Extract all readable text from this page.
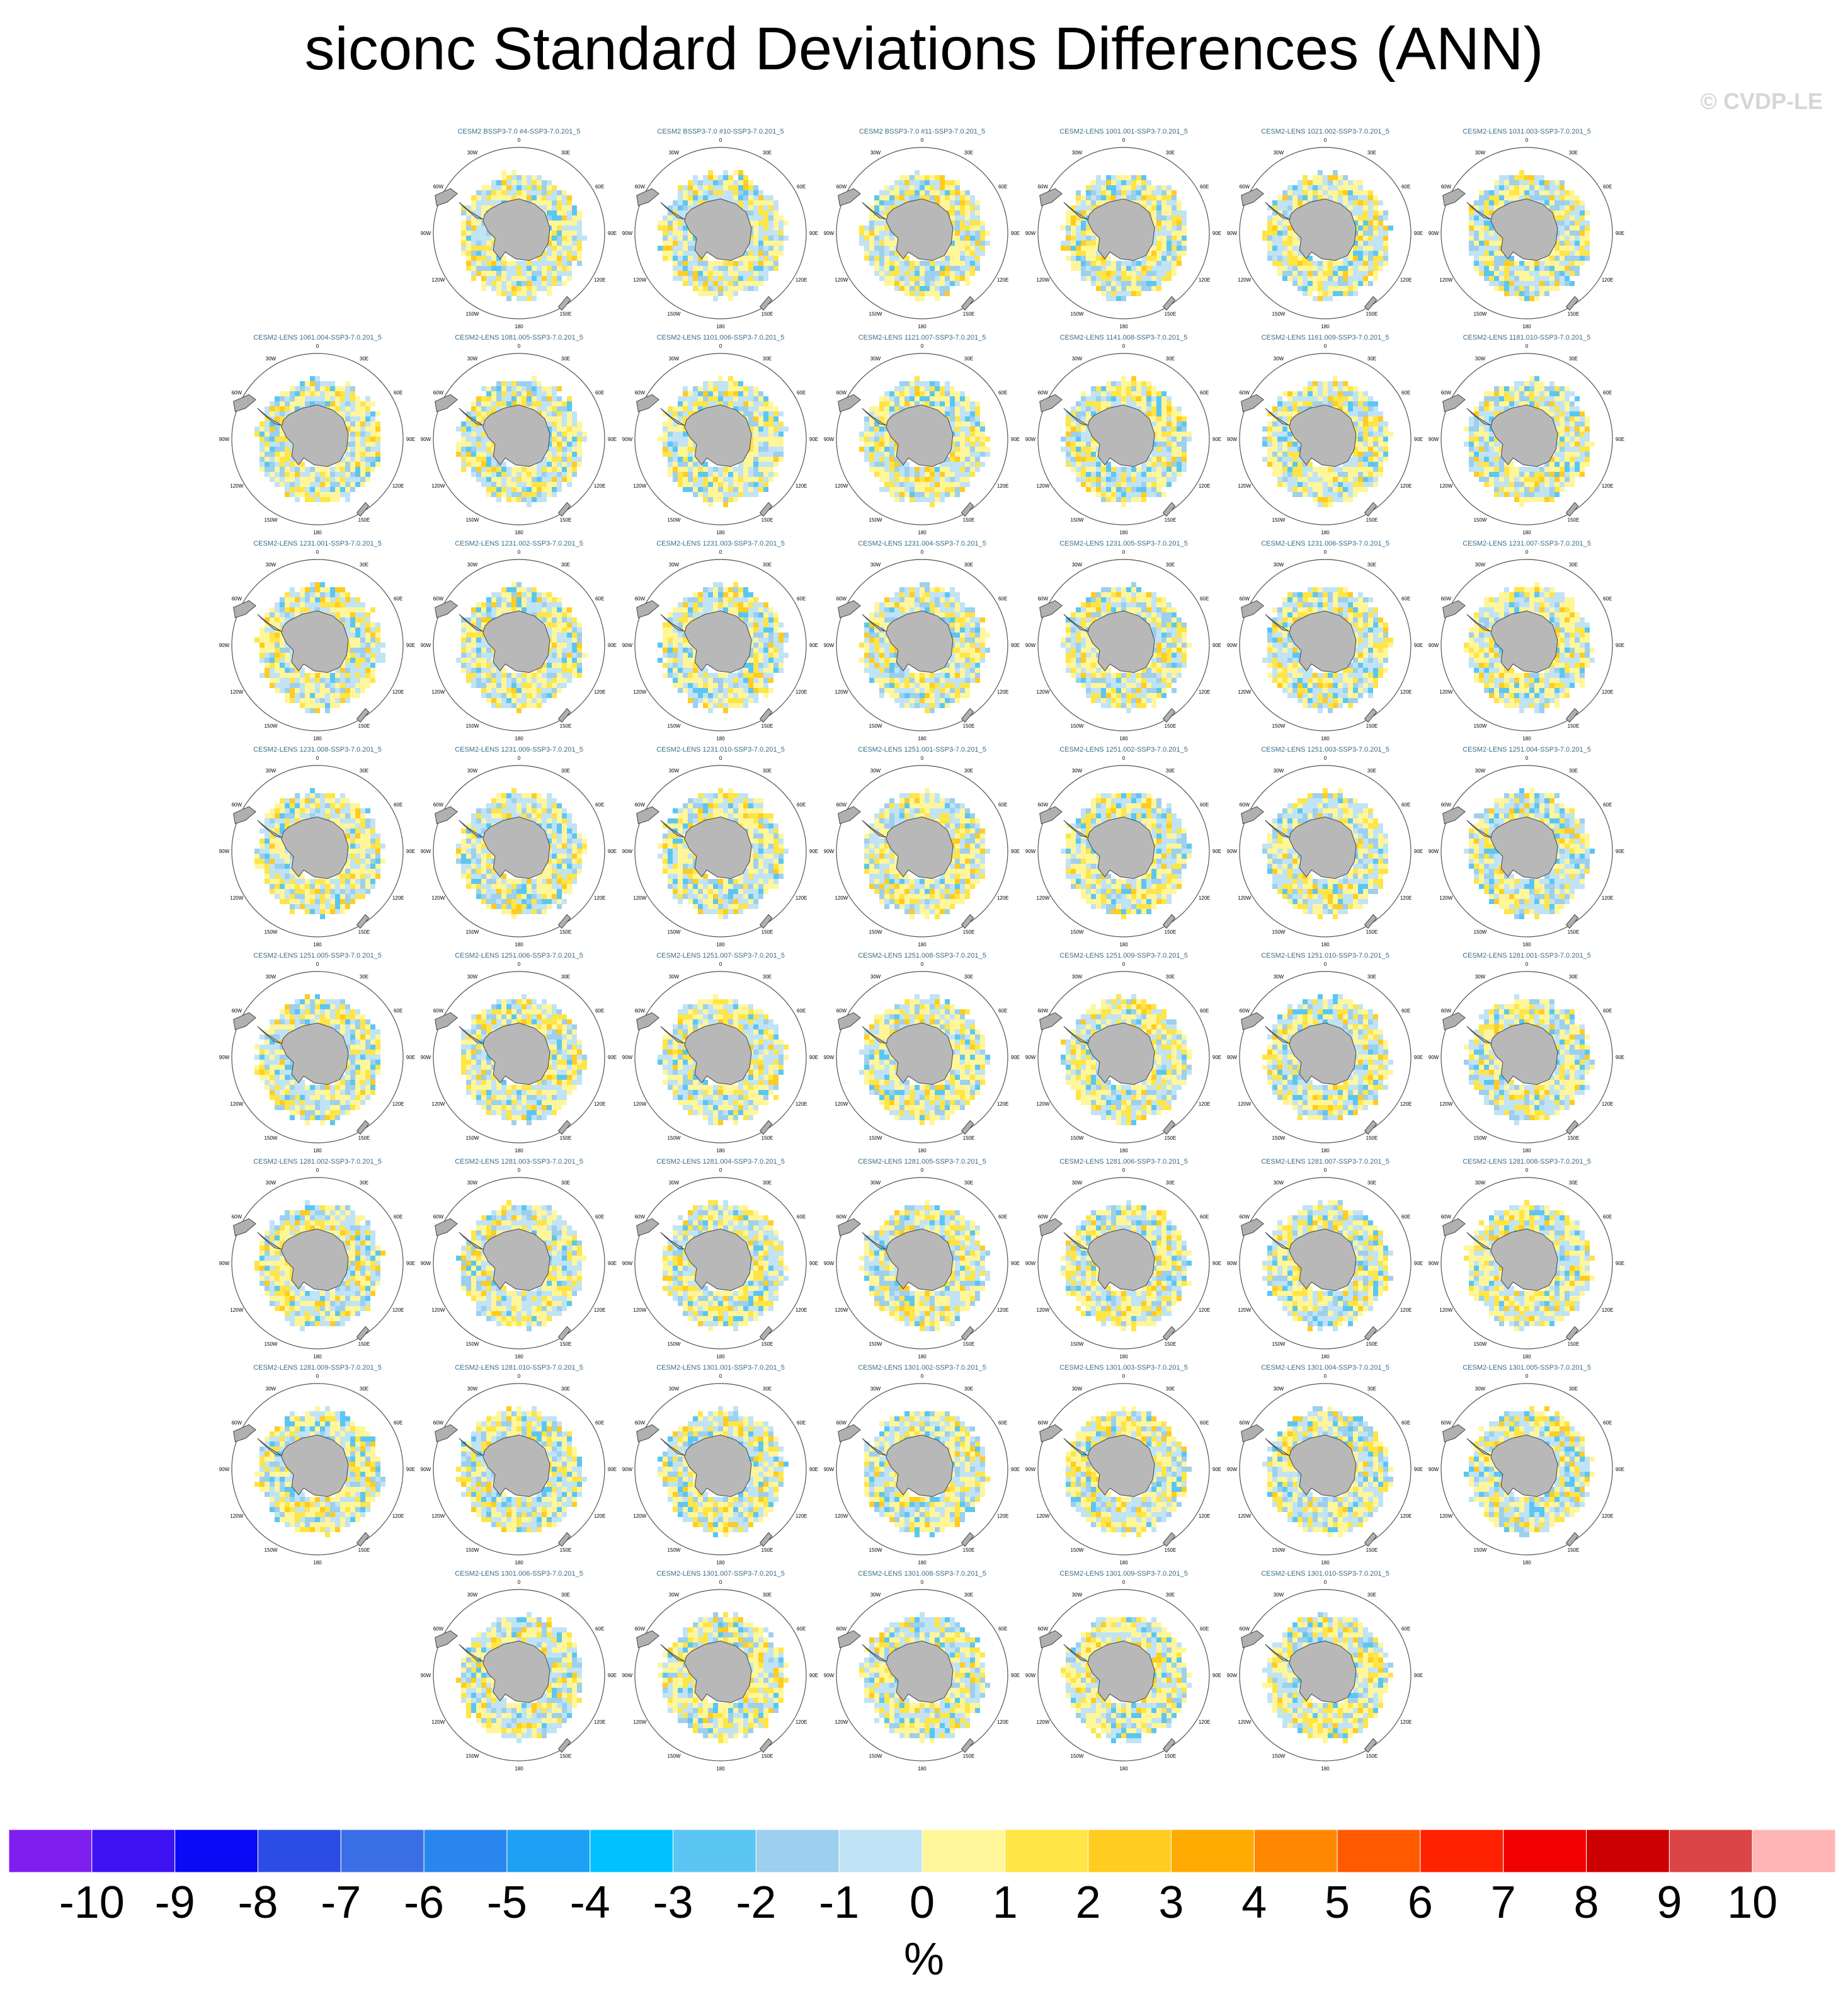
siconc Standard Deviations Differences (ANN)
© CVDP-LE
CESM2 BSSP3-7.0 #4-SSP3-7.0.201_5
0
30E
60E
90E
120E
150E
180
150W
120W
90W
60W
30W
CESM2 BSSP3-7.0 #10-SSP3-7.0.201_5
0
30E
60E
90E
120E
150E
180
150W
120W
90W
60W
30W
CESM2 BSSP3-7.0 #11-SSP3-7.0.201_5
0
30E
60E
90E
120E
150E
180
150W
120W
90W
60W
30W
CESM2-LENS 1001.001-SSP3-7.0.201_5
0
30E
60E
90E
120E
150E
180
150W
120W
90W
60W
30W
CESM2-LENS 1021.002-SSP3-7.0.201_5
0
30E
60E
90E
120E
150E
180
150W
120W
90W
60W
30W
CESM2-LENS 1031.003-SSP3-7.0.201_5
0
30E
60E
90E
120E
150E
180
150W
120W
90W
60W
30W
CESM2-LENS 1061.004-SSP3-7.0.201_5
0
30E
60E
90E
120E
150E
180
150W
120W
90W
60W
30W
CESM2-LENS 1081.005-SSP3-7.0.201_5
0
30E
60E
90E
120E
150E
180
150W
120W
90W
60W
30W
CESM2-LENS 1101.006-SSP3-7.0.201_5
0
30E
60E
90E
120E
150E
180
150W
120W
90W
60W
30W
CESM2-LENS 1121.007-SSP3-7.0.201_5
0
30E
60E
90E
120E
150E
180
150W
120W
90W
60W
30W
CESM2-LENS 1141.008-SSP3-7.0.201_5
0
30E
60E
90E
120E
150E
180
150W
120W
90W
60W
30W
CESM2-LENS 1161.009-SSP3-7.0.201_5
0
30E
60E
90E
120E
150E
180
150W
120W
90W
60W
30W
CESM2-LENS 1181.010-SSP3-7.0.201_5
0
30E
60E
90E
120E
150E
180
150W
120W
90W
60W
30W
CESM2-LENS 1231.001-SSP3-7.0.201_5
0
30E
60E
90E
120E
150E
180
150W
120W
90W
60W
30W
CESM2-LENS 1231.002-SSP3-7.0.201_5
0
30E
60E
90E
120E
150E
180
150W
120W
90W
60W
30W
CESM2-LENS 1231.003-SSP3-7.0.201_5
0
30E
60E
90E
120E
150E
180
150W
120W
90W
60W
30W
CESM2-LENS 1231.004-SSP3-7.0.201_5
0
30E
60E
90E
120E
150E
180
150W
120W
90W
60W
30W
CESM2-LENS 1231.005-SSP3-7.0.201_5
0
30E
60E
90E
120E
150E
180
150W
120W
90W
60W
30W
CESM2-LENS 1231.006-SSP3-7.0.201_5
0
30E
60E
90E
120E
150E
180
150W
120W
90W
60W
30W
CESM2-LENS 1231.007-SSP3-7.0.201_5
0
30E
60E
90E
120E
150E
180
150W
120W
90W
60W
30W
CESM2-LENS 1231.008-SSP3-7.0.201_5
0
30E
60E
90E
120E
150E
180
150W
120W
90W
60W
30W
CESM2-LENS 1231.009-SSP3-7.0.201_5
0
30E
60E
90E
120E
150E
180
150W
120W
90W
60W
30W
CESM2-LENS 1231.010-SSP3-7.0.201_5
0
30E
60E
90E
120E
150E
180
150W
120W
90W
60W
30W
CESM2-LENS 1251.001-SSP3-7.0.201_5
0
30E
60E
90E
120E
150E
180
150W
120W
90W
60W
30W
CESM2-LENS 1251.002-SSP3-7.0.201_5
0
30E
60E
90E
120E
150E
180
150W
120W
90W
60W
30W
CESM2-LENS 1251.003-SSP3-7.0.201_5
0
30E
60E
90E
120E
150E
180
150W
120W
90W
60W
30W
CESM2-LENS 1251.004-SSP3-7.0.201_5
0
30E
60E
90E
120E
150E
180
150W
120W
90W
60W
30W
CESM2-LENS 1251.005-SSP3-7.0.201_5
0
30E
60E
90E
120E
150E
180
150W
120W
90W
60W
30W
CESM2-LENS 1251.006-SSP3-7.0.201_5
0
30E
60E
90E
120E
150E
180
150W
120W
90W
60W
30W
CESM2-LENS 1251.007-SSP3-7.0.201_5
0
30E
60E
90E
120E
150E
180
150W
120W
90W
60W
30W
CESM2-LENS 1251.008-SSP3-7.0.201_5
0
30E
60E
90E
120E
150E
180
150W
120W
90W
60W
30W
CESM2-LENS 1251.009-SSP3-7.0.201_5
0
30E
60E
90E
120E
150E
180
150W
120W
90W
60W
30W
CESM2-LENS 1251.010-SSP3-7.0.201_5
0
30E
60E
90E
120E
150E
180
150W
120W
90W
60W
30W
CESM2-LENS 1281.001-SSP3-7.0.201_5
0
30E
60E
90E
120E
150E
180
150W
120W
90W
60W
30W
CESM2-LENS 1281.002-SSP3-7.0.201_5
0
30E
60E
90E
120E
150E
180
150W
120W
90W
60W
30W
CESM2-LENS 1281.003-SSP3-7.0.201_5
0
30E
60E
90E
120E
150E
180
150W
120W
90W
60W
30W
CESM2-LENS 1281.004-SSP3-7.0.201_5
0
30E
60E
90E
120E
150E
180
150W
120W
90W
60W
30W
CESM2-LENS 1281.005-SSP3-7.0.201_5
0
30E
60E
90E
120E
150E
180
150W
120W
90W
60W
30W
CESM2-LENS 1281.006-SSP3-7.0.201_5
0
30E
60E
90E
120E
150E
180
150W
120W
90W
60W
30W
CESM2-LENS 1281.007-SSP3-7.0.201_5
0
30E
60E
90E
120E
150E
180
150W
120W
90W
60W
30W
CESM2-LENS 1281.008-SSP3-7.0.201_5
0
30E
60E
90E
120E
150E
180
150W
120W
90W
60W
30W
CESM2-LENS 1281.009-SSP3-7.0.201_5
0
30E
60E
90E
120E
150E
180
150W
120W
90W
60W
30W
CESM2-LENS 1281.010-SSP3-7.0.201_5
0
30E
60E
90E
120E
150E
180
150W
120W
90W
60W
30W
CESM2-LENS 1301.001-SSP3-7.0.201_5
0
30E
60E
90E
120E
150E
180
150W
120W
90W
60W
30W
CESM2-LENS 1301.002-SSP3-7.0.201_5
0
30E
60E
90E
120E
150E
180
150W
120W
90W
60W
30W
CESM2-LENS 1301.003-SSP3-7.0.201_5
0
30E
60E
90E
120E
150E
180
150W
120W
90W
60W
30W
CESM2-LENS 1301.004-SSP3-7.0.201_5
0
30E
60E
90E
120E
150E
180
150W
120W
90W
60W
30W
CESM2-LENS 1301.005-SSP3-7.0.201_5
0
30E
60E
90E
120E
150E
180
150W
120W
90W
60W
30W
CESM2-LENS 1301.006-SSP3-7.0.201_5
0
30E
60E
90E
120E
150E
180
150W
120W
90W
60W
30W
CESM2-LENS 1301.007-SSP3-7.0.201_5
0
30E
60E
90E
120E
150E
180
150W
120W
90W
60W
30W
CESM2-LENS 1301.008-SSP3-7.0.201_5
0
30E
60E
90E
120E
150E
180
150W
120W
90W
60W
30W
CESM2-LENS 1301.009-SSP3-7.0.201_5
0
30E
60E
90E
120E
150E
180
150W
120W
90W
60W
30W
CESM2-LENS 1301.010-SSP3-7.0.201_5
0
30E
60E
90E
120E
150E
180
150W
120W
90W
60W
30W
-10 -9 -8 -7 -6 -5 -4 -3 -2 -1 0 1 2 3 4 5 6 7 8 9 10
%
